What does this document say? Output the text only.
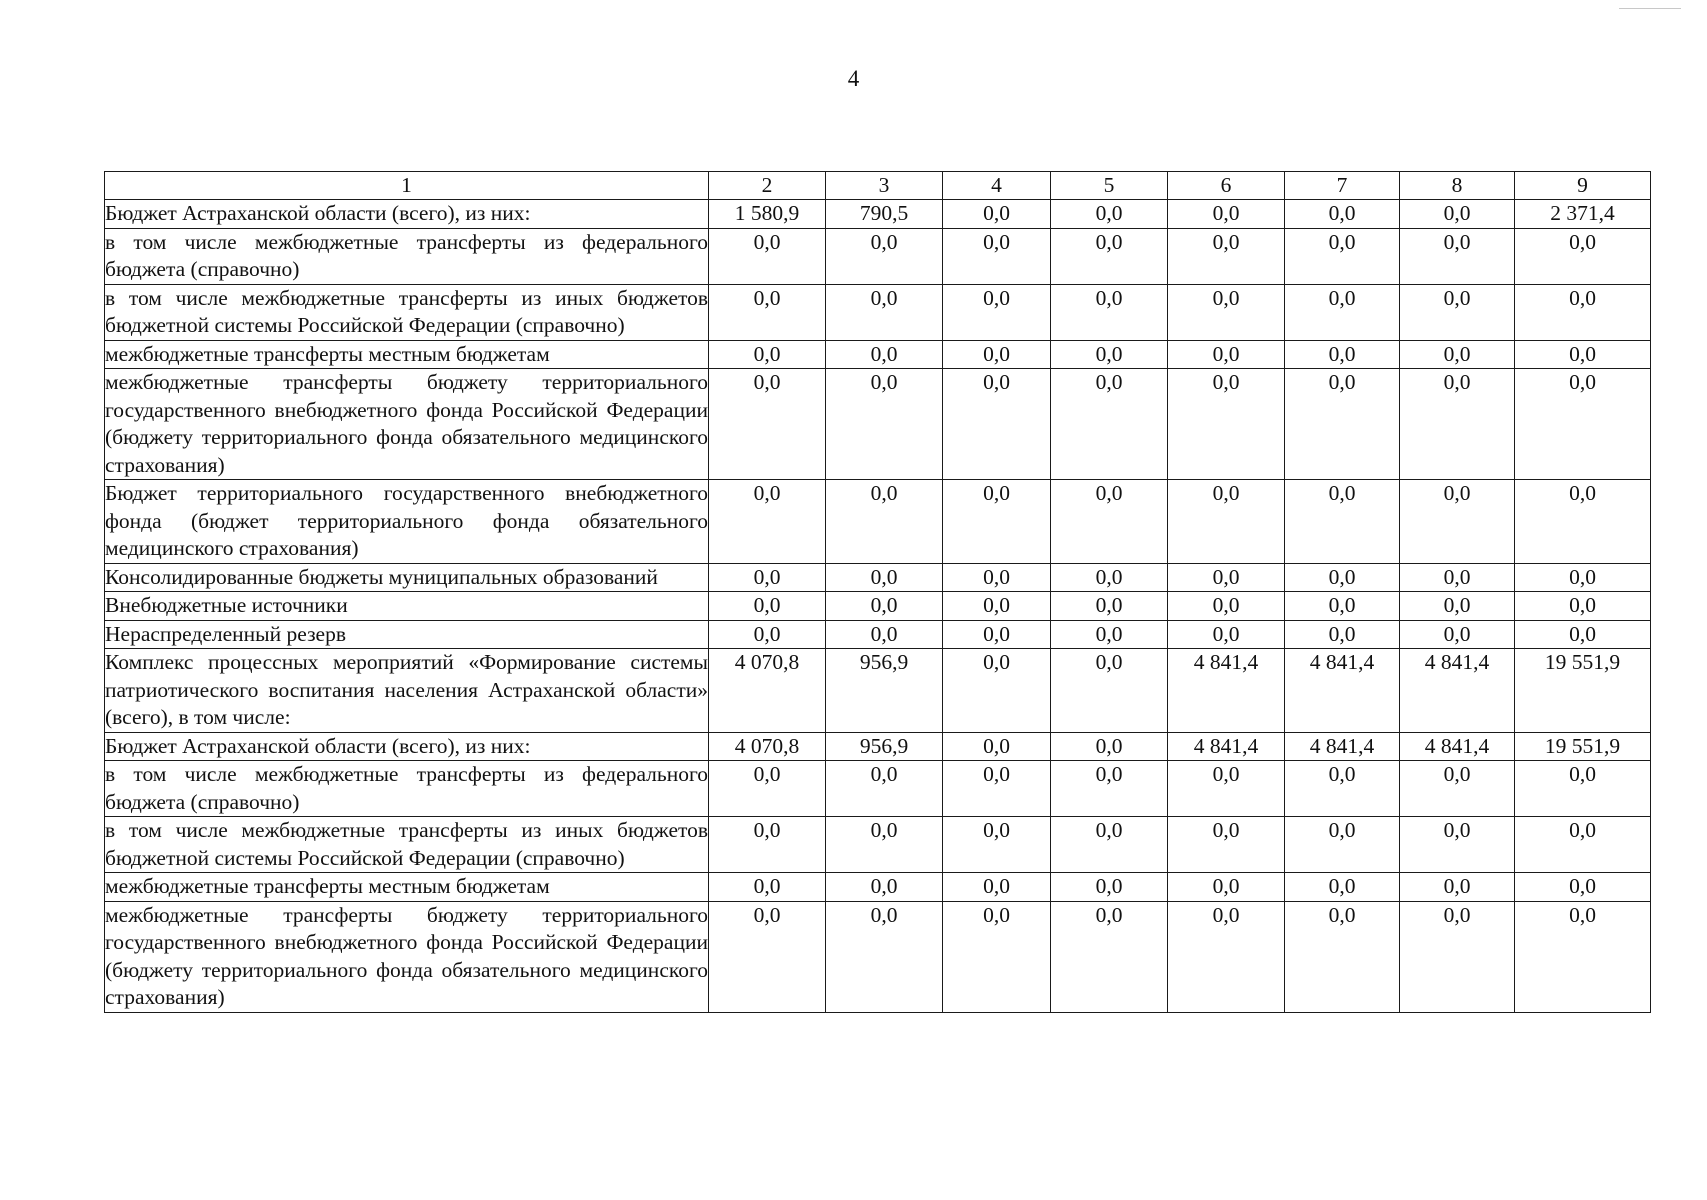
4
1	2	3	4	5	6	7	8	9
Бюджет Астраханской области (всего), из них:	1 580,9	790,5	0,0	0,0	0,0	0,0	0,0	2 371,4
в том числе межбюджетные трансферты из федерального бюджета (справочно)	0,0	0,0	0,0	0,0	0,0	0,0	0,0	0,0
в том числе межбюджетные трансферты из иных бюджетов бюджетной системы Российской Федерации (справочно)	0,0	0,0	0,0	0,0	0,0	0,0	0,0	0,0
межбюджетные трансферты местным бюджетам	0,0	0,0	0,0	0,0	0,0	0,0	0,0	0,0
межбюджетные трансферты бюджету территориального государственного внебюджетного фонда Российской Федерации (бюджету территориального фонда обязательного медицинского страхования)	0,0	0,0	0,0	0,0	0,0	0,0	0,0	0,0
Бюджет территориального государственного внебюджетного фонда (бюджет территориального фонда обязательного медицинского страхования)	0,0	0,0	0,0	0,0	0,0	0,0	0,0	0,0
Консолидированные бюджеты муниципальных образований	0,0	0,0	0,0	0,0	0,0	0,0	0,0	0,0
Внебюджетные источники	0,0	0,0	0,0	0,0	0,0	0,0	0,0	0,0
Нераспределенный резерв	0,0	0,0	0,0	0,0	0,0	0,0	0,0	0,0
Комплекс процессных мероприятий «Формирование системы патриотического воспитания населения Астраханской области» (всего), в том числе:	4 070,8	956,9	0,0	0,0	4 841,4	4 841,4	4 841,4	19 551,9
Бюджет Астраханской области (всего), из них:	4 070,8	956,9	0,0	0,0	4 841,4	4 841,4	4 841,4	19 551,9
в том числе межбюджетные трансферты из федерального бюджета (справочно)	0,0	0,0	0,0	0,0	0,0	0,0	0,0	0,0
в том числе межбюджетные трансферты из иных бюджетов бюджетной системы Российской Федерации (справочно)	0,0	0,0	0,0	0,0	0,0	0,0	0,0	0,0
межбюджетные трансферты местным бюджетам	0,0	0,0	0,0	0,0	0,0	0,0	0,0	0,0
межбюджетные трансферты бюджету территориального государственного внебюджетного фонда Российской Федерации (бюджету территориального фонда обязательного медицинского страхования)	0,0	0,0	0,0	0,0	0,0	0,0	0,0	0,0
